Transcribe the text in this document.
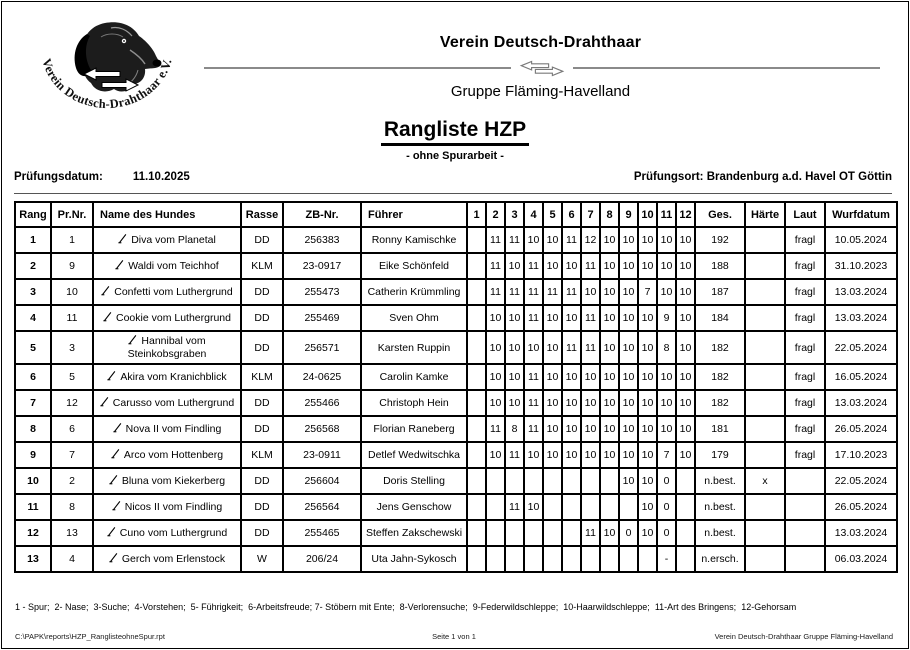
Verein Deutsch-Drahthaar e.V.
Verein Deutsch-Drahthaar
Gruppe Fläming-Havelland
Rangliste HZP
- ohne Spurarbeit -
Prüfungsdatum:	11.10.2025	Prüfungsort: Brandenburg a.d. Havel OT Göttin
Rang	Pr.Nr.	Name des Hundes	Rasse	ZB-Nr.	Führer	1	2	3	4	5	6	7	8	9	10	11	12	Ges.	Härte	Laut	Wurfdatum
1	1	Diva vom Planetal	DD	256383	Ronny Kamischke		11	11	10	10	11	12	10	10	10	10	10	192		fragl	10.05.2024
2	9	Waldi vom Teichhof	KLM	23-0917	Eike Schönfeld		11	10	11	10	10	11	10	10	10	10	10	188		fragl	31.10.2023
3	10	Confetti vom Luthergrund	DD	255473	Catherin Krümmling		11	11	11	11	11	10	10	10	7	10	10	187		fragl	13.03.2024
4	11	Cookie vom Luthergrund	DD	255469	Sven Ohm		10	10	11	10	10	11	10	10	10	9	10	184		fragl	13.03.2024
5	3	Hannibal vom Steinkobsgraben	DD	256571	Karsten Ruppin		10	10	10	10	11	11	10	10	10	8	10	182		fragl	22.05.2024
6	5	Akira vom Kranichblick	KLM	24-0625	Carolin Kamke		10	10	11	10	10	10	10	10	10	10	10	182		fragl	16.05.2024
7	12	Carusso vom Luthergrund	DD	255466	Christoph Hein		10	10	11	10	10	10	10	10	10	10	10	182		fragl	13.03.2024
8	6	Nova II vom Findling	DD	256568	Florian Raneberg		11	8	11	10	10	10	10	10	10	10	10	181		fragl	26.05.2024
9	7	Arco vom Hottenberg	KLM	23-0911	Detlef Wedwitschka		10	11	10	10	10	10	10	10	10	7	10	179		fragl	17.10.2023
10	2	Bluna vom Kiekerberg	DD	256604	Doris Stelling									10	10	0		n.best.	x		22.05.2024
11	8	Nicos II vom Findling	DD	256564	Jens Genschow			11	10						10	0		n.best.			26.05.2024
12	13	Cuno vom Luthergrund	DD	255465	Steffen Zakschewski							11	10	0	10	0		n.best.			13.03.2024
13	4	Gerch vom Erlenstock	W	206/24	Uta Jahn-Sykosch											-		n.ersch.			06.03.2024
1 - Spur;  2- Nase;  3-Suche;  4-Vorstehen;  5- Führigkeit;  6-Arbeitsfreude; 7- Stöbern mit Ente;  8-Verlorensuche;  9-Federwildschleppe;  10-Haarwildschleppe;  11-Art des Bringens;  12-Gehorsam
C:\PAPK\reports\HZP_RanglisteohneSpur.rpt	Seite 1 von 1	Verein Deutsch-Drahthaar Gruppe Fläming-Havelland
